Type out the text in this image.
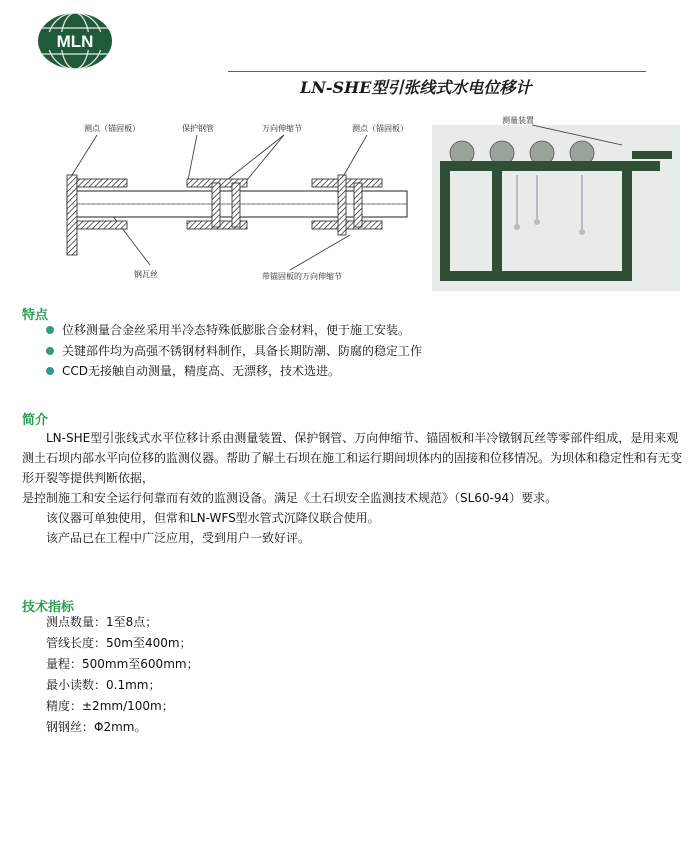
MLN
LN-SHE型引张线式水电位移计
测点（锚固板）	保护钢管	万向伸缩节	测点（锚固板）
钢瓦丝	带锚固板的万向伸缩节
测量装置
特点
位移测量合金丝采用半冷态特殊低膨胀合金材料，便于施工安装。
关键部件均为高强不锈钢材料制作，具备长期防潮、防腐的稳定工作
CCD无接触自动测量，精度高、无漂移，技术选进。
简介

LN-SHE型引张线式水平位移计系由测量装置、保护钢管、万向伸缩节、锚固板和半冷镦钢瓦丝等零部件组成，是用来观测土石坝内部水平向位移的监测仪器。帮助了解土石坝在施工和运行期间坝体内的固接和位移情况。为坝体和稳定性和有无变形开裂等提供判断依据，

是控制施工和安全运行何靠而有效的监测设备。满足《土石坝安全监测技术规范》（SL60-94）要求。

该仪器可单独使用，但常和LN-WFS型水管式沉降仪联合使用。

该产品已在工程中广泛应用，受到用户一致好评。

技术指标
测点数量：1至8点；
管线长度：50m至400m；
量程：500mm至600mm；
最小读数：0.1mm；
精度：±2mm/100m；
钢钢丝：Φ2mm。
